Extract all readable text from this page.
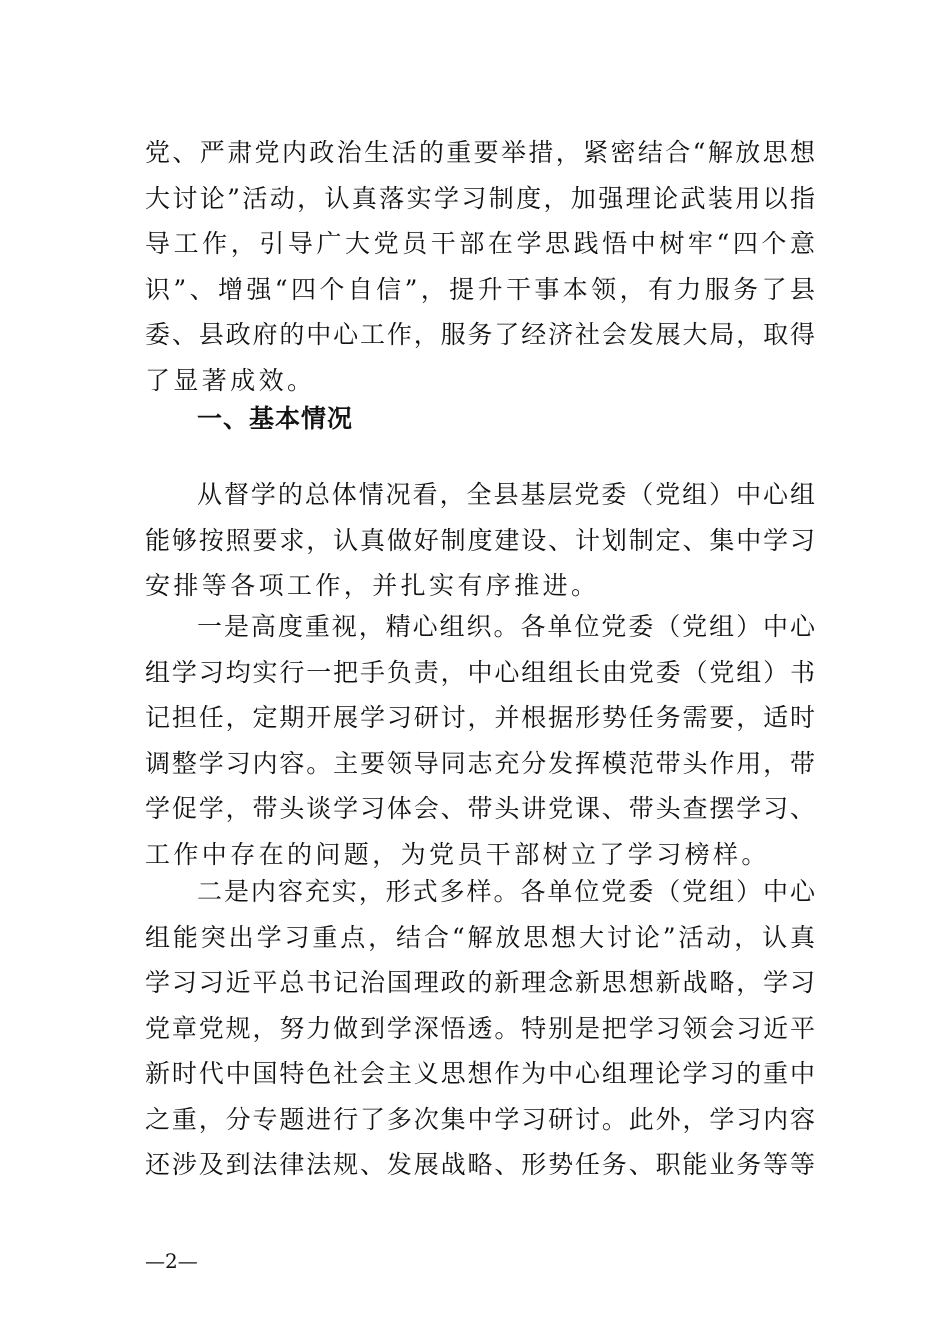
党、严肃党内政治生活的重要举措，紧密结合“解放思想
大讨论”活动，认真落实学习制度，加强理论武装用以指
导工作，引导广大党员干部在学思践悟中树牢“四个意
识”、增强“四个自信”，提升干事本领，有力服务了县
委、县政府的中心工作，服务了经济社会发展大局，取得
了显著成效。
一、基本情况
从督学的总体情况看，全县基层党委（党组）中心组
能够按照要求，认真做好制度建设、计划制定、集中学习
安排等各项工作，并扎实有序推进。
一是高度重视，精心组织。各单位党委（党组）中心
组学习均实行一把手负责，中心组组长由党委（党组）书
记担任，定期开展学习研讨，并根据形势任务需要，适时
调整学习内容。主要领导同志充分发挥模范带头作用，带
学促学，带头谈学习体会、带头讲党课、带头查摆学习、
工作中存在的问题，为党员干部树立了学习榜样。
二是内容充实，形式多样。各单位党委（党组）中心
组能突出学习重点，结合“解放思想大讨论”活动，认真
学习习近平总书记治国理政的新理念新思想新战略，学习
党章党规，努力做到学深悟透。特别是把学习领会习近平
新时代中国特色社会主义思想作为中心组理论学习的重中
之重，分专题进行了多次集中学习研讨。此外，学习内容
还涉及到法律法规、发展战略、形势任务、职能业务等等
—2—
